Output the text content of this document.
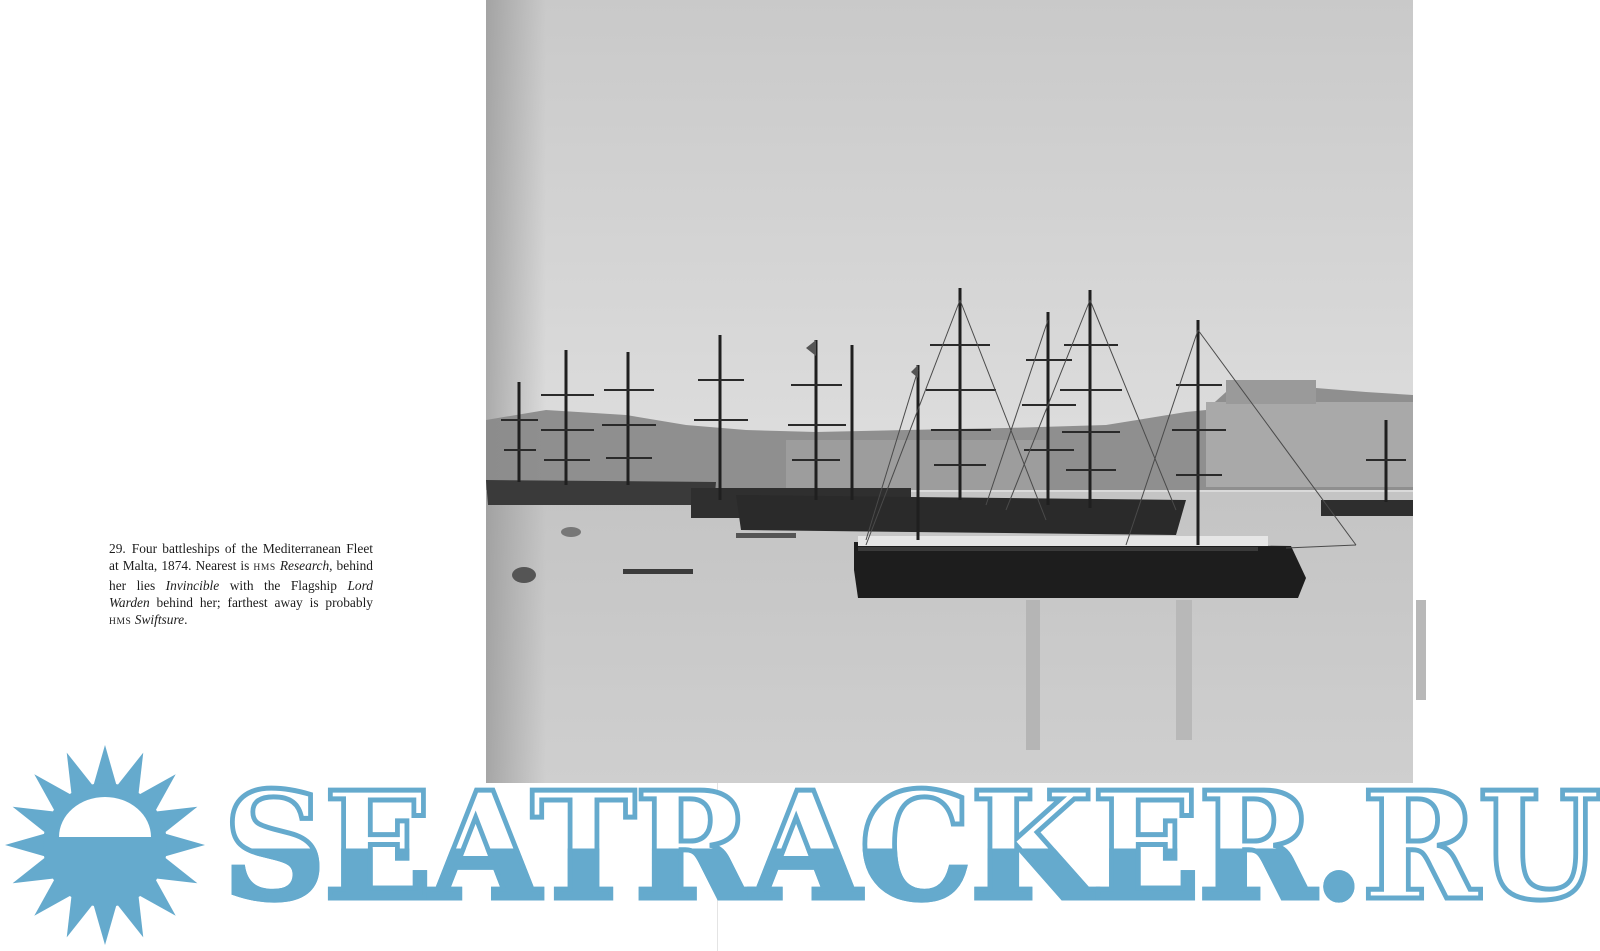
29. Four battleships of the Mediterranean Fleet at Malta, 1874. Nearest is HMS Research, behind her lies Invincible with the Flagship Lord Warden behind her; farthest away is probably HMS Swiftsure.

SEATRACKER.RU
